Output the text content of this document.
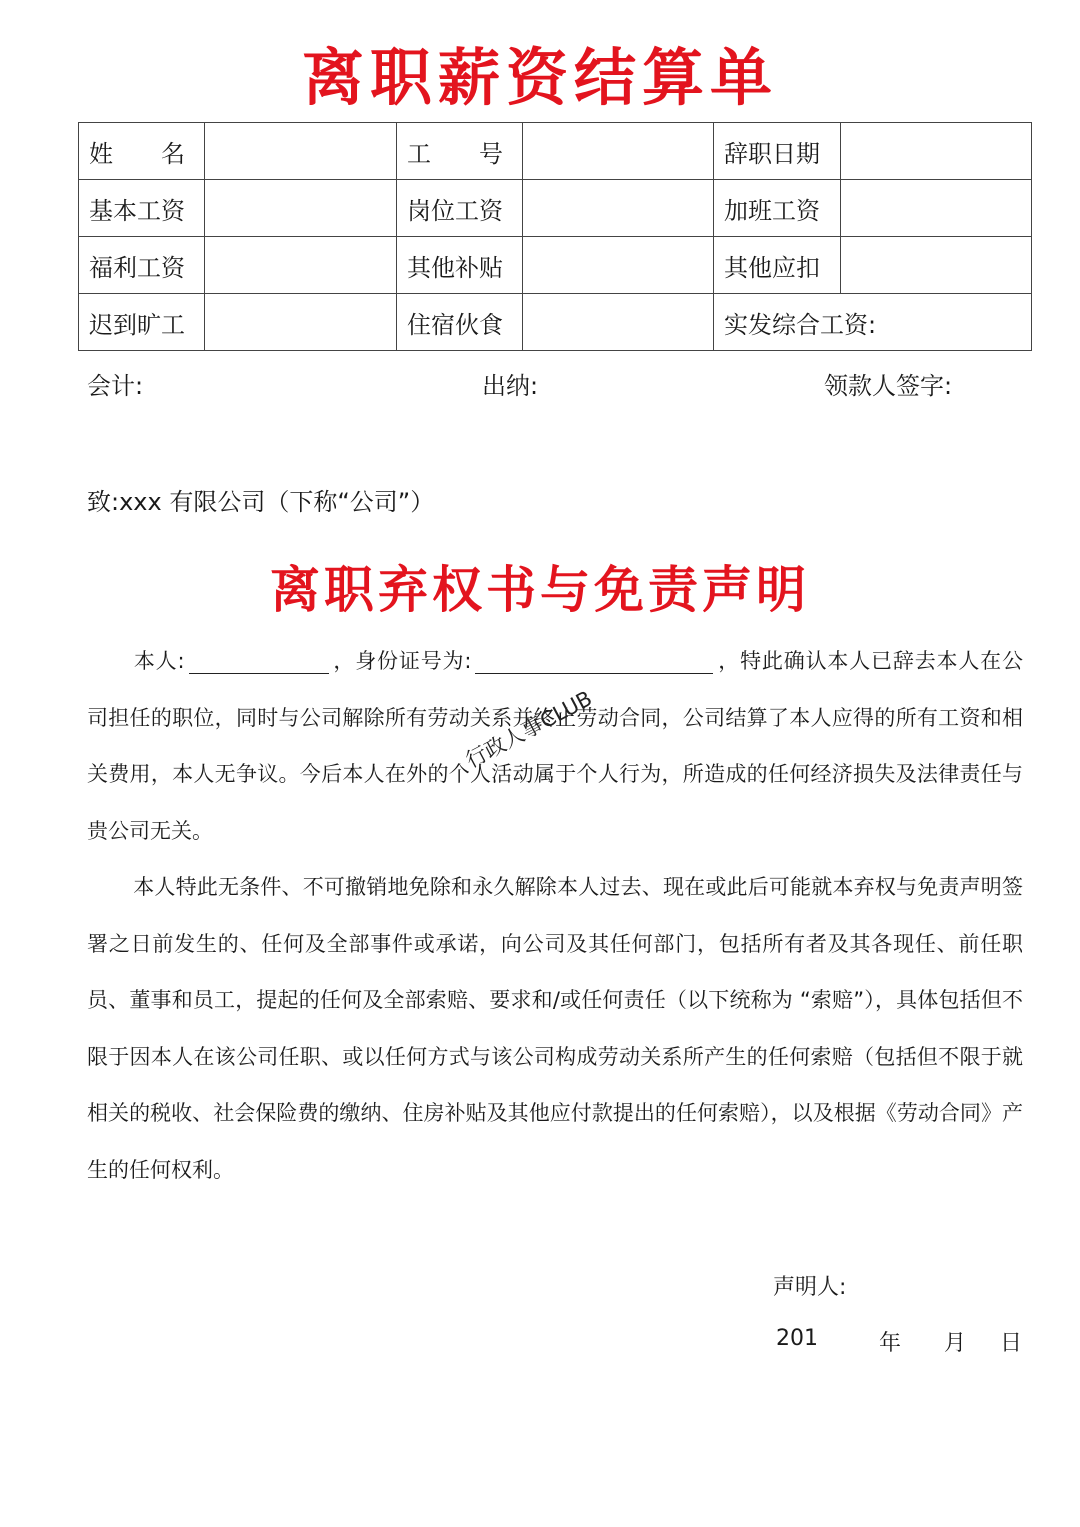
离职薪资结算单
姓　　名		工　　号		辞职日期	
基本工资		岗位工资		加班工资	
福利工资		其他补贴		其他应扣	
迟到旷工		住宿伙食		实发综合工资:	
会计:	出纳:	领款人签字:
致:xxx 有限公司（下称“公司”）
离职弃权书与免责声明

本人:	，身份证号为:	，特此确认本人已辞去本人在公司担任的职位，同时与公司解除所有劳动关系并终止劳动合同，公司结算了本人应得的所有工资和相关费用，本人无争议。今后本人在外的个人活动属于个人行为，所造成的任何经济损失及法律责任与贵公司无关。

行政人事CLUB

本人特此无条件、不可撤销地免除和永久解除本人过去、现在或此后可能就本弃权与免责声明签署之日前发生的、任何及全部事件或承诺，向公司及其任何部门，包括所有者及其各现任、前任职员、董事和员工，提起的任何及全部索赔、要求和/或任何责任（以下统称为 “索赔”），具体包括但不限于因本人在该公司任职、或以任何方式与该公司构成劳动关系所产生的任何索赔（包括但不限于就相关的税收、社会保险费的缴纳、住房补贴及其他应付款提出的任何索赔），以及根据《劳动合同》产生的任何权利。

声明人:
201	年 月 日
